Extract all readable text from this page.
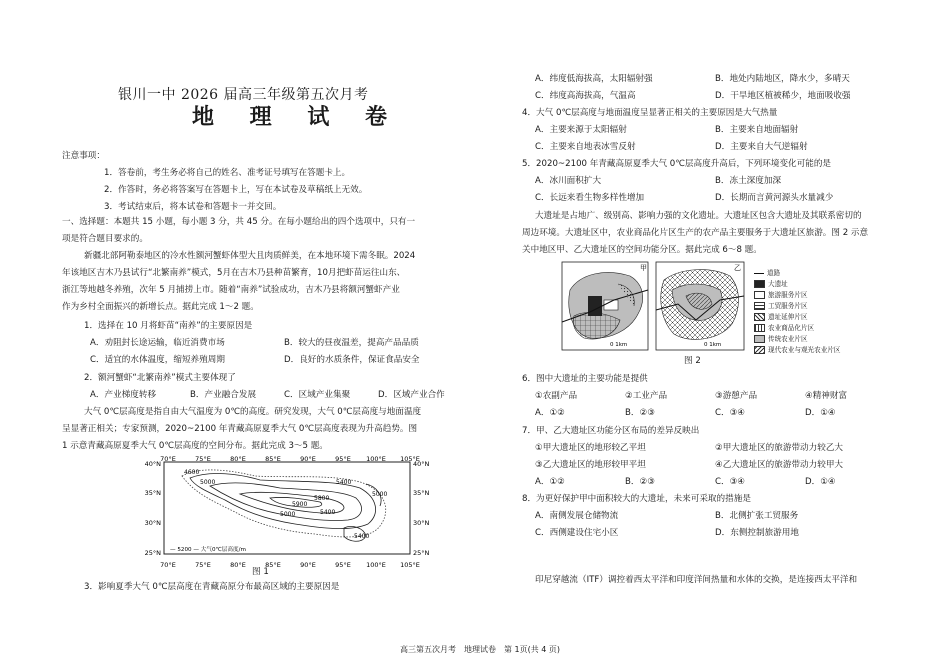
银川一中 2026 届高三年级第五次月考
地 理 试 卷
注意事项：
1．答卷前，考生务必将自己的姓名、准考证号填写在答题卡上。
2．作答时，务必将答案写在答题卡上，写在本试卷及草稿纸上无效。
3．考试结束后，将本试卷和答题卡一并交回。
一、选择题：本题共 15 小题，每小题 3 分，共 45 分。在每小题给出的四个选项中，只有一
项是符合题目要求的。
新疆北部阿勒泰地区的冷水性额河蟹虾体型大且肉质鲜美，在本地环境下需冬眠。2024
年该地区吉木乃县试行“北繁南养”模式，5月在吉木乃县种苗繁育，10月把虾苗运往山东、
浙江等地越冬养殖，次年 5 月捕捞上市。随着“南养”试验成功，吉木乃县将额河蟹虾产业
作为乡村全面振兴的新增长点。据此完成 1～2 题。
1．选择在 10 月将虾苗“南养”的主要原因是
A．劝阻封长途运输，临近消费市场	B．较大的昼夜温差，提高产品品质
C．适宜的水体温度，缩短养殖周期	D．良好的水质条件，保证食品安全
2．额河蟹虾“北繁南养”模式主要体现了
A．产业梯度转移	B．产业融合发展	C．区域产业集聚	D．区域产业合作
大气 0℃层高度是指自由大气温度为 0℃的高度。研究发现，大气 0℃层高度与地面温度
呈显著正相关；专家预测，2020~2100 年青藏高原夏季大气 0℃层高度表现为升高趋势。图
1 示意青藏高原夏季大气 0℃层高度的空间分布。据此完成 3～5 题。
70°E	75°E	80°E	85°E	90°E	95°E 100°E 105°E
70°E	75°E	80°E	85°E	90°E	95°E 100°E 105°E
40°N
35°N
30°N
25°N
40°N
35°N
30°N
25°N
4600
5000	5400
5800
5900
5400
5000
5400
5000
— 5200 — 大气0℃层高度/m
图 1
3．影响夏季大气 0℃层高度在青藏高原分布最高区域的主要原因是
A．纬度低海拔高，太阳辐射强	B．地处内陆地区，降水少，多晴天
C．纬度高海拔高，气温高	D．干旱地区植被稀少，地面吸收强
4．大气 0℃层高度与地面温度呈显著正相关的主要原因是大气热量
A．主要来源于太阳辐射	B．主要来自地面辐射
C．主要来自地表冰雪反射	D．主要来自大气逆辐射
5．2020~2100 年青藏高原夏季大气 0℃层高度升高后，下列环境变化可能的是
A．冰川面积扩大	B．冻土深度加深
C．长远来看生物多样性增加	D．长期而言黄河源头水量减少
大遗址是占地广、级别高、影响力强的文化遗址。大遗址区包含大遗址及其联系密切的
周边环境。大遗址区中，农业商品化片区生产的农产品主要服务于大遗址区旅游。图 2 示意
关中地区甲、乙大遗址区的空间功能分区。据此完成 6～8 题。
甲
0 1km
乙
0 1km
道路
大遗址
旅游服务片区
工贸服务片区
遗址延伸片区
农业商品化片区
传统农业片区
现代农业与观光农业片区
图 2
6．图中大遗址的主要功能是提供
①农副产品	②工业产品	③游憩产品	④精神财富
A．①②	B．②③	C．③④	D．①④
7．甲、乙大遗址区功能分区布局的差异反映出
①甲大遗址区的地形较乙平坦	②甲大遗址区的旅游带动力较乙大
③乙大遗址区的地形较甲平坦	④乙大遗址区的旅游带动力较甲大
A．①②	B．②③	C．③④	D．①④
8．为更好保护甲中面积较大的大遗址，未来可采取的措施是
A．南侧发展仓储物流	B．北侧扩张工贸服务
C．西侧建设住宅小区	D．东侧控制旅游用地
印尼穿越流（ITF）调控着西太平洋和印度洋间热量和水体的交换，是连接西太平洋和
高三第五次月考　地理试卷　第 1页(共 4 页)
